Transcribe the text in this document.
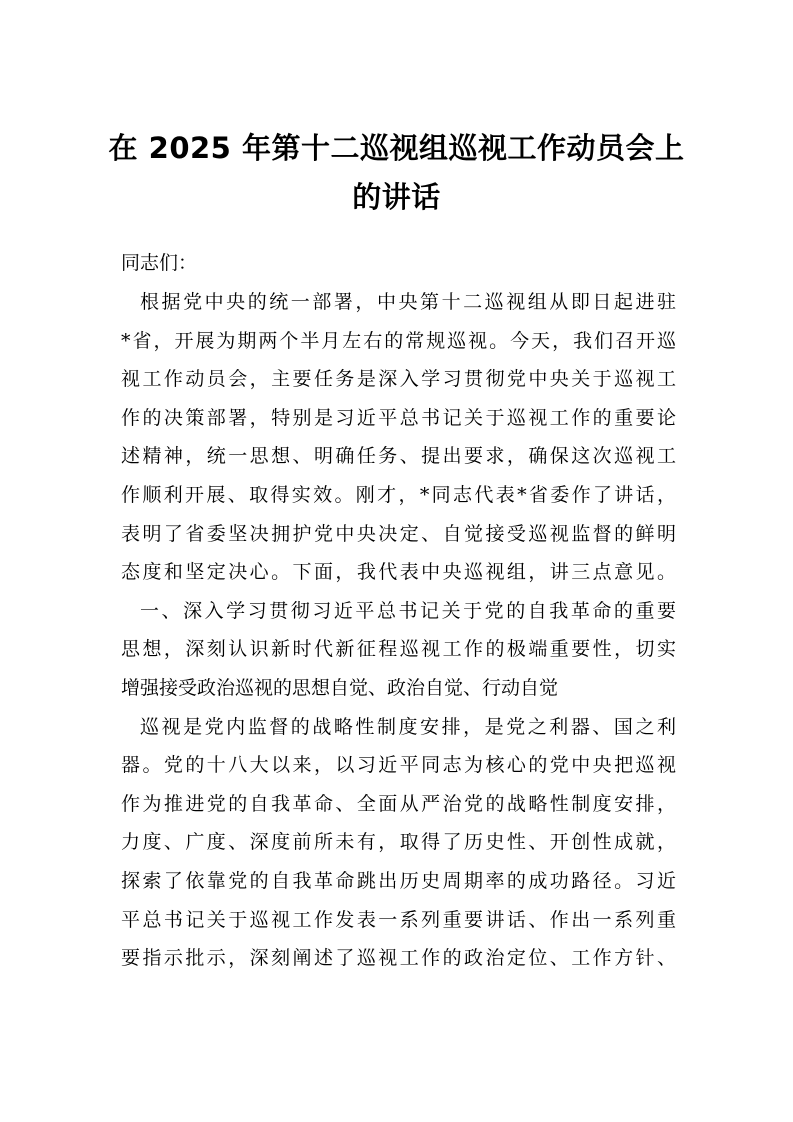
在 2025 年第十二巡视组巡视工作动员会上
的讲话
同志们：
根据党中央的统一部署，中央第十二巡视组从即日起进驻
*省，开展为期两个半月左右的常规巡视。今天，我们召开巡
视工作动员会，主要任务是深入学习贯彻党中央关于巡视工
作的决策部署，特别是习近平总书记关于巡视工作的重要论
述精神，统一思想、明确任务、提出要求，确保这次巡视工
作顺利开展、取得实效。刚才，*同志代表*省委作了讲话，
表明了省委坚决拥护党中央决定、自觉接受巡视监督的鲜明
态度和坚定决心。下面，我代表中央巡视组，讲三点意见。
一、深入学习贯彻习近平总书记关于党的自我革命的重要
思想，深刻认识新时代新征程巡视工作的极端重要性，切实
增强接受政治巡视的思想自觉、政治自觉、行动自觉
巡视是党内监督的战略性制度安排，是党之利器、国之利
器。党的十八大以来，以习近平同志为核心的党中央把巡视
作为推进党的自我革命、全面从严治党的战略性制度安排，
力度、广度、深度前所未有，取得了历史性、开创性成就，
探索了依靠党的自我革命跳出历史周期率的成功路径。习近
平总书记关于巡视工作发表一系列重要讲话、作出一系列重
要指示批示，深刻阐述了巡视工作的政治定位、工作方针、
